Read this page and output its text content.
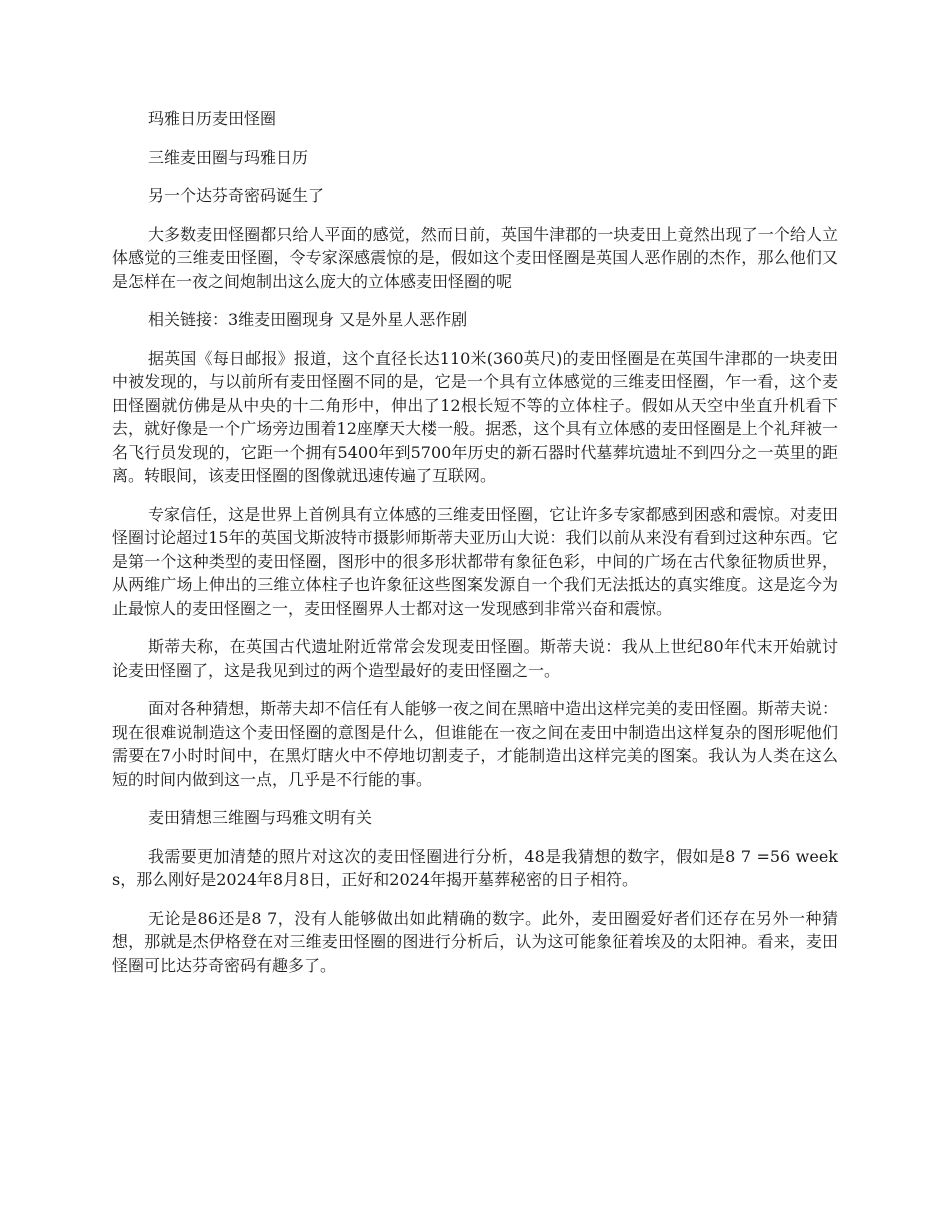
玛雅日历麦田怪圈

三维麦田圈与玛雅日历

另一个达芬奇密码诞生了

大多数麦田怪圈都只给人平面的感觉，然而日前，英国牛津郡的一块麦田上竟然出现了一个给人立体感觉的三维麦田怪圈，令专家深感震惊的是，假如这个麦田怪圈是英国人恶作剧的杰作，那么他们又是怎样在一夜之间炮制出这么庞大的立体感麦田怪圈的呢

相关链接：3维麦田圈现身 又是外星人恶作剧

据英国《每日邮报》报道，这个直径长达110米(360英尺)的麦田怪圈是在英国牛津郡的一块麦田中被发现的，与以前所有麦田怪圈不同的是，它是一个具有立体感觉的三维麦田怪圈，乍一看，这个麦田怪圈就仿佛是从中央的十二角形中，伸出了12根长短不等的立体柱子。假如从天空中坐直升机看下去，就好像是一个广场旁边围着12座摩天大楼一般。据悉，这个具有立体感的麦田怪圈是上个礼拜被一名飞行员发现的，它距一个拥有5400年到5700年历史的新石器时代墓葬坑遗址不到四分之一英里的距离。转眼间，该麦田怪圈的图像就迅速传遍了互联网。

专家信任，这是世界上首例具有立体感的三维麦田怪圈，它让许多专家都感到困惑和震惊。对麦田怪圈讨论超过15年的英国戈斯波特市摄影师斯蒂夫亚历山大说：我们以前从来没有看到过这种东西。它是第一个这种类型的麦田怪圈，图形中的很多形状都带有象征色彩，中间的广场在古代象征物质世界，从两维广场上伸出的三维立体柱子也许象征这些图案发源自一个我们无法抵达的真实维度。这是迄今为止最惊人的麦田怪圈之一，麦田怪圈界人士都对这一发现感到非常兴奋和震惊。

斯蒂夫称，在英国古代遗址附近常常会发现麦田怪圈。斯蒂夫说：我从上世纪80年代末开始就讨论麦田怪圈了，这是我见到过的两个造型最好的麦田怪圈之一。

面对各种猜想，斯蒂夫却不信任有人能够一夜之间在黑暗中造出这样完美的麦田怪圈。斯蒂夫说：现在很难说制造这个麦田怪圈的意图是什么，但谁能在一夜之间在麦田中制造出这样复杂的图形呢他们需要在7小时时间中，在黑灯瞎火中不停地切割麦子，才能制造出这样完美的图案。我认为人类在这么短的时间内做到这一点，几乎是不行能的事。

麦田猜想三维圈与玛雅文明有关

我需要更加清楚的照片对这次的麦田怪圈进行分析，48是我猜想的数字，假如是8 7 =56 weeks，那么刚好是2024年8月8日，正好和2024年揭开墓葬秘密的日子相符。

无论是86还是8 7，没有人能够做出如此精确的数字。此外，麦田圈爱好者们还存在另外一种猜想，那就是杰伊格登在对三维麦田怪圈的图进行分析后，认为这可能象征着埃及的太阳神。看来，麦田怪圈可比达芬奇密码有趣多了。
